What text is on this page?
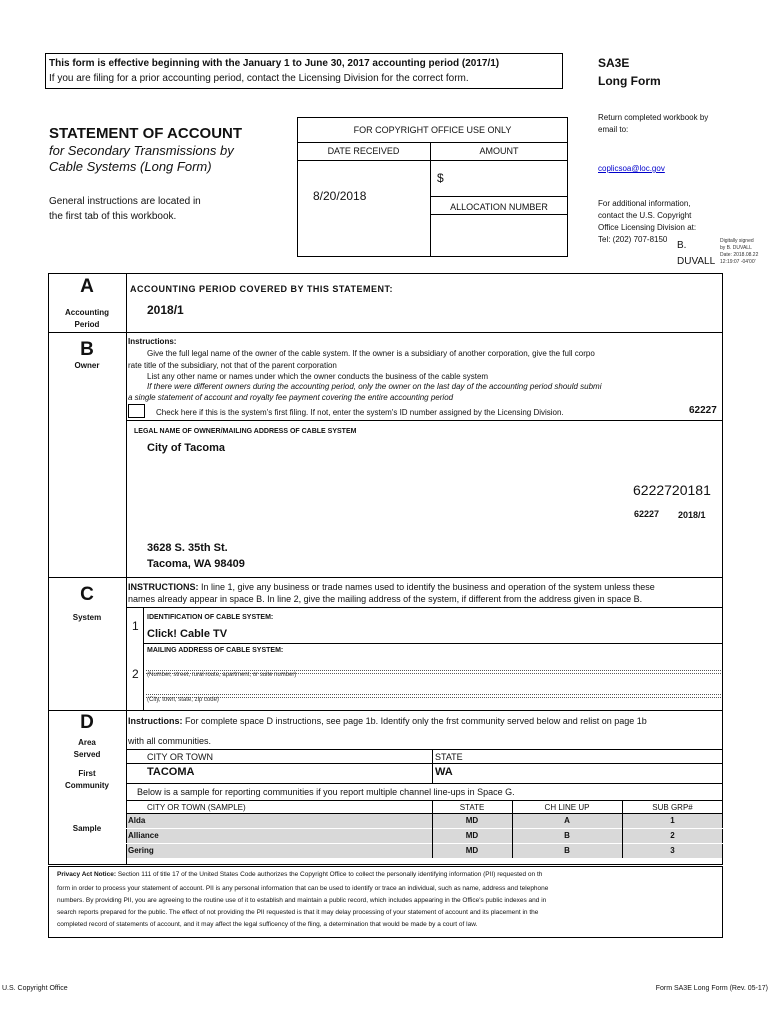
This form is effective beginning with the January 1 to June 30, 2017 accounting period (2017/1)
If you are filing for a prior accounting period, contact the Licensing Division for the correct form.
SA3E
Long Form
STATEMENT OF ACCOUNT
for Secondary Transmissions by
Cable Systems (Long Form)
General instructions are located in
the first tab of this workbook.
FOR COPYRIGHT OFFICE USE ONLY
DATE RECEIVED	AMOUNT
8/20/2018
$
ALLOCATION NUMBER
Return completed workbook by
email to:
coplicsoa@loc.gov
For additional information,
contact the U.S. Copyright
Office Licensing Division at:
Tel: (202) 707-8150
B.
DUVALL
Digitally signed
by B. DUVALL
Date: 2018.08.22
12:19:07 -04'00'
A
Accounting
Period
ACCOUNTING PERIOD COVERED BY THIS STATEMENT:
2018/1
B
Owner
Instructions:
Give the full legal name of the owner of the cable system. If the owner is a subsidiary of another corporation, give the full corpo
rate title of the subsidiary, not that of the parent corporation
List any other name or names under which the owner conducts the business of the cable system
If there were different owners during the accounting period, only the owner on the last day of the accounting period should submi
a single statement of account and royalty fee payment covering the entire accounting period
Check here if this is the system's first filing. If not, enter the system's ID number assigned by the Licensing Division.	62227
LEGAL NAME OF OWNER/MAILING ADDRESS OF CABLE SYSTEM
City of Tacoma
6222720181
62227 2018/1
3628 S. 35th St.
Tacoma, WA 98409
C
System
INSTRUCTIONS: In line 1, give any business or trade names used to identify the business and operation of the system unless these
names already appear in space B. In line 2, give the mailing address of the system, if different from the address given in space B.
1
IDENTIFICATION OF CABLE SYSTEM:
Click! Cable TV
MAILING ADDRESS OF CABLE SYSTEM:
2 (Number, street, rural route, apartment, or suite number)
(City, town, state, zip code)
D
Area
Served
First
Community
Sample
Instructions: For complete space D instructions, see page 1b. Identify only the frst community served below and relist on page 1b
with all communities.
CITY OR TOWN	STATE
TACOMA	WA
Below is a sample for reporting communities if you report multiple channel line-ups in Space G.
CITY OR TOWN (SAMPLE)	STATE	CH LINE UP	SUB GRP#
Alda	MD	A	1
Alliance	MD	B	2
Gering	MD	B	3
Privacy Act Notice: Section 111 of title 17 of the United States Code authorizes the Copyright Office to collect the personally identifying information (PII) requested on th
form in order to process your statement of account. PII is any personal information that can be used to identify or trace an individual, such as name, address and telephone
numbers. By providing PII, you are agreeing to the routine use of it to establish and maintain a public record, which includes appearing in the Office's public indexes and in
search reports prepared for the public. The effect of not providing the PII requested is that it may delay processing of your statement of account and its placement in the
completed record of statements of account, and it may affect the legal sufficency of the fling, a determination that would be made by a court of law.
U.S. Copyright Office	Form SA3E Long Form (Rev. 05-17)
